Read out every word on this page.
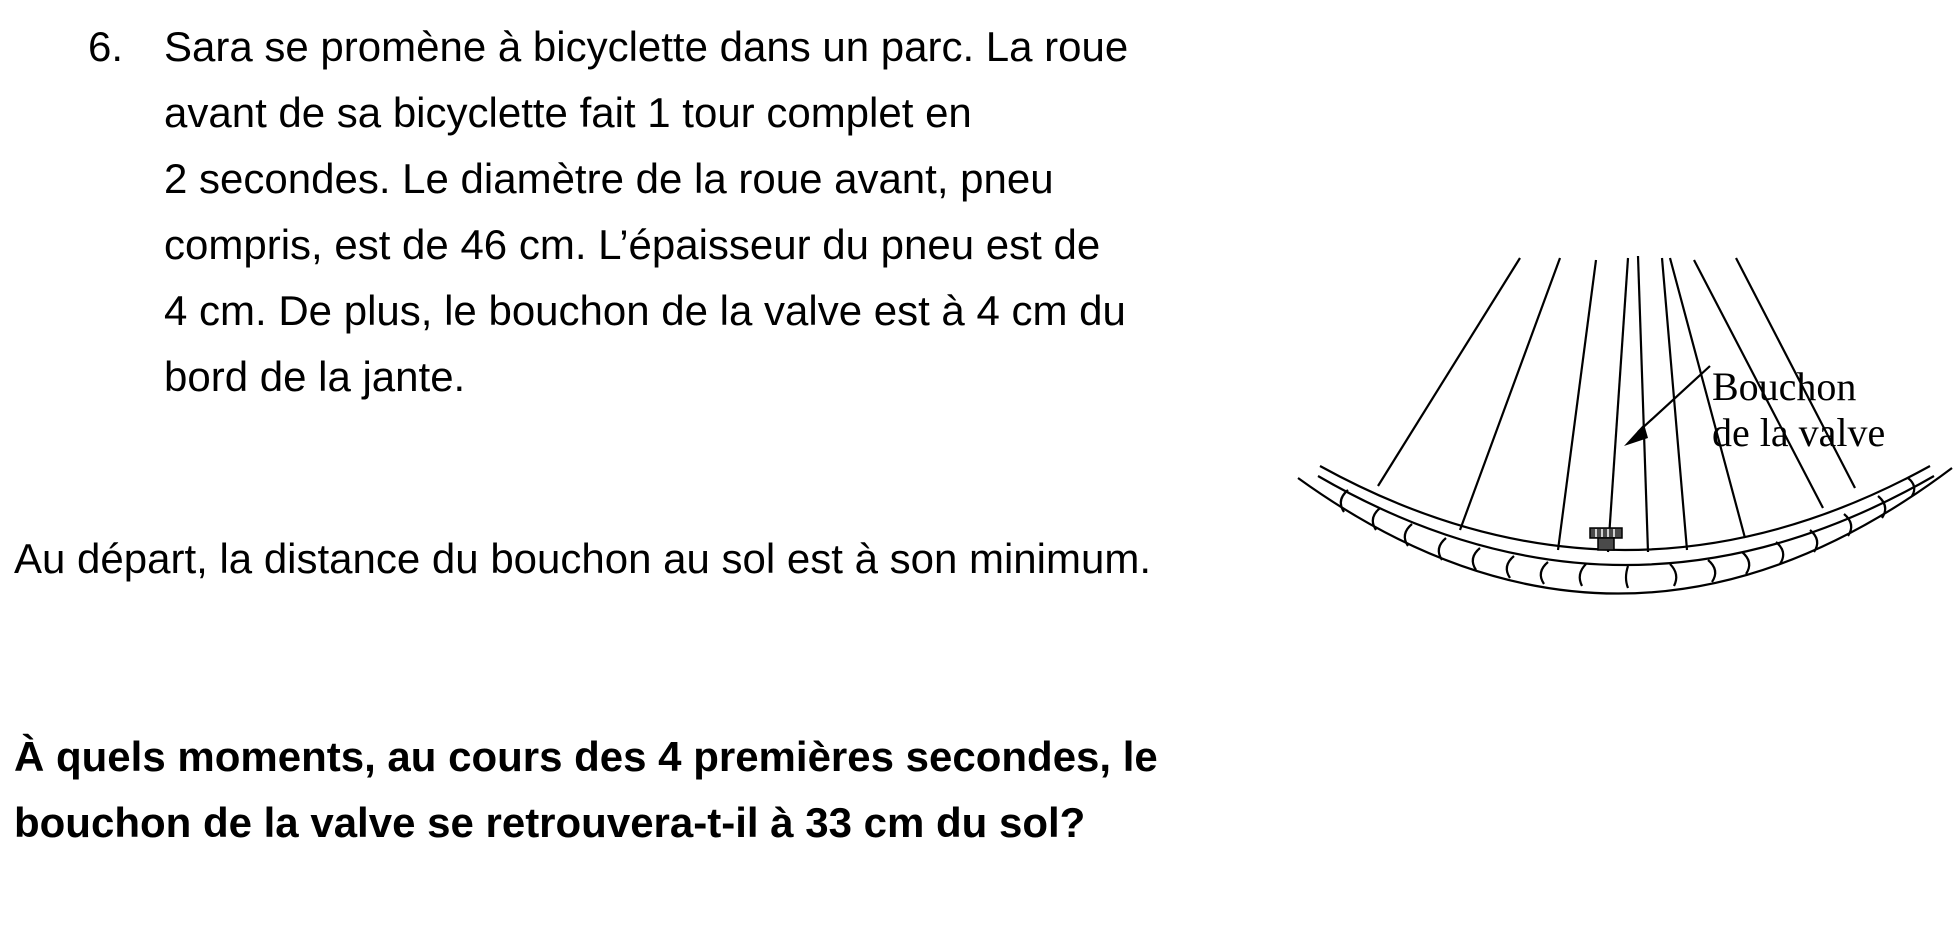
6. Sara se promène à bicyclette dans un parc. La roue
avant de sa bicyclette fait 1 tour complet en
2 secondes. Le diamètre de la roue avant, pneu
compris, est de 46 cm. L’épaisseur du pneu est de
4 cm. De plus, le bouchon de la valve est à 4 cm du
bord de la jante.

Au départ, la distance du bouchon au sol est à son minimum.

À quels moments, au cours des 4 premières secondes, le
bouchon de la valve se retrouvera-t-il à 33 cm du sol?

Bouchon
de la valve
